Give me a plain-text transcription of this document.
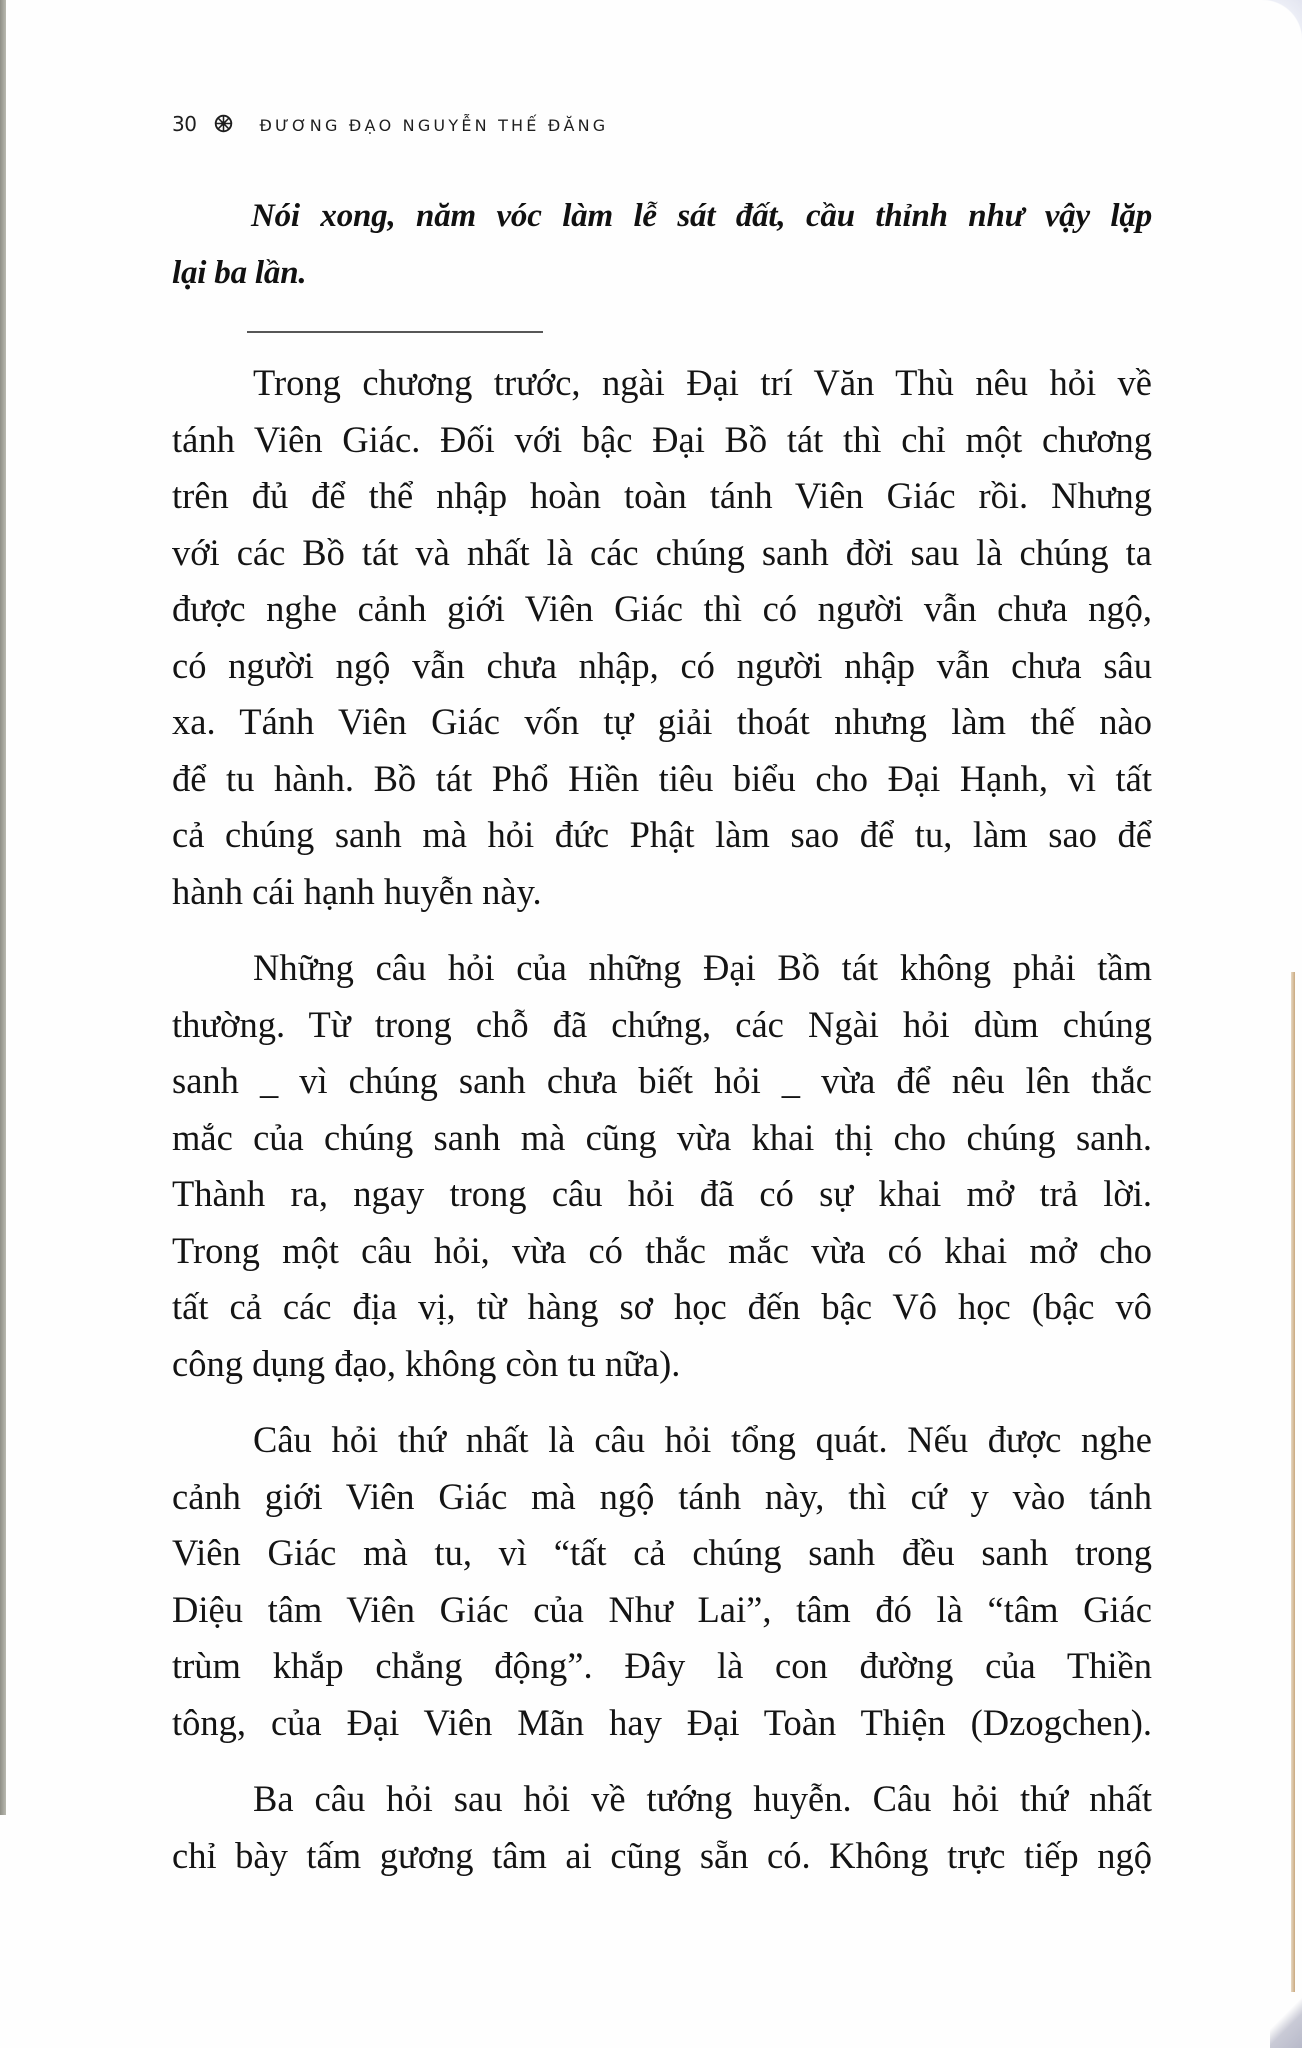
30	ĐƯƠNG ĐẠO NGUYỄN THẾ ĐĂNG
Nói xong, năm vóc làm lễ sát đất, cầu thỉnh như vậy lặp
lại ba lần.

Trong chương trước, ngài Đại trí Văn Thù nêu hỏi về
tánh Viên Giác. Đối với bậc Đại Bồ tát thì chỉ một chương
trên đủ để thể nhập hoàn toàn tánh Viên Giác rồi. Nhưng
với các Bồ tát và nhất là các chúng sanh đời sau là chúng ta
được nghe cảnh giới Viên Giác thì có người vẫn chưa ngộ,
có người ngộ vẫn chưa nhập, có người nhập vẫn chưa sâu
xa. Tánh Viên Giác vốn tự giải thoát nhưng làm thế nào
để tu hành. Bồ tát Phổ Hiền tiêu biểu cho Đại Hạnh, vì tất
cả chúng sanh mà hỏi đức Phật làm sao để tu, làm sao để
hành cái hạnh huyễn này.

Những câu hỏi của những Đại Bồ tát không phải tầm
thường. Từ trong chỗ đã chứng, các Ngài hỏi dùm chúng
sanh _ vì chúng sanh chưa biết hỏi _ vừa để nêu lên thắc
mắc của chúng sanh mà cũng vừa khai thị cho chúng sanh.
Thành ra, ngay trong câu hỏi đã có sự khai mở trả lời.
Trong một câu hỏi, vừa có thắc mắc vừa có khai mở cho
tất cả các địa vị, từ hàng sơ học đến bậc Vô học (bậc vô
công dụng đạo, không còn tu nữa).

Câu hỏi thứ nhất là câu hỏi tổng quát. Nếu được nghe
cảnh giới Viên Giác mà ngộ tánh này, thì cứ y vào tánh
Viên Giác mà tu, vì “tất cả chúng sanh đều sanh trong
Diệu tâm Viên Giác của Như Lai”, tâm đó là “tâm Giác
trùm khắp chẳng động”. Đây là con đường của Thiền
tông, của Đại Viên Mãn hay Đại Toàn Thiện (Dzogchen).

Ba câu hỏi sau hỏi về tướng huyễn. Câu hỏi thứ nhất
chỉ bày tấm gương tâm ai cũng sẵn có. Không trực tiếp ngộ
